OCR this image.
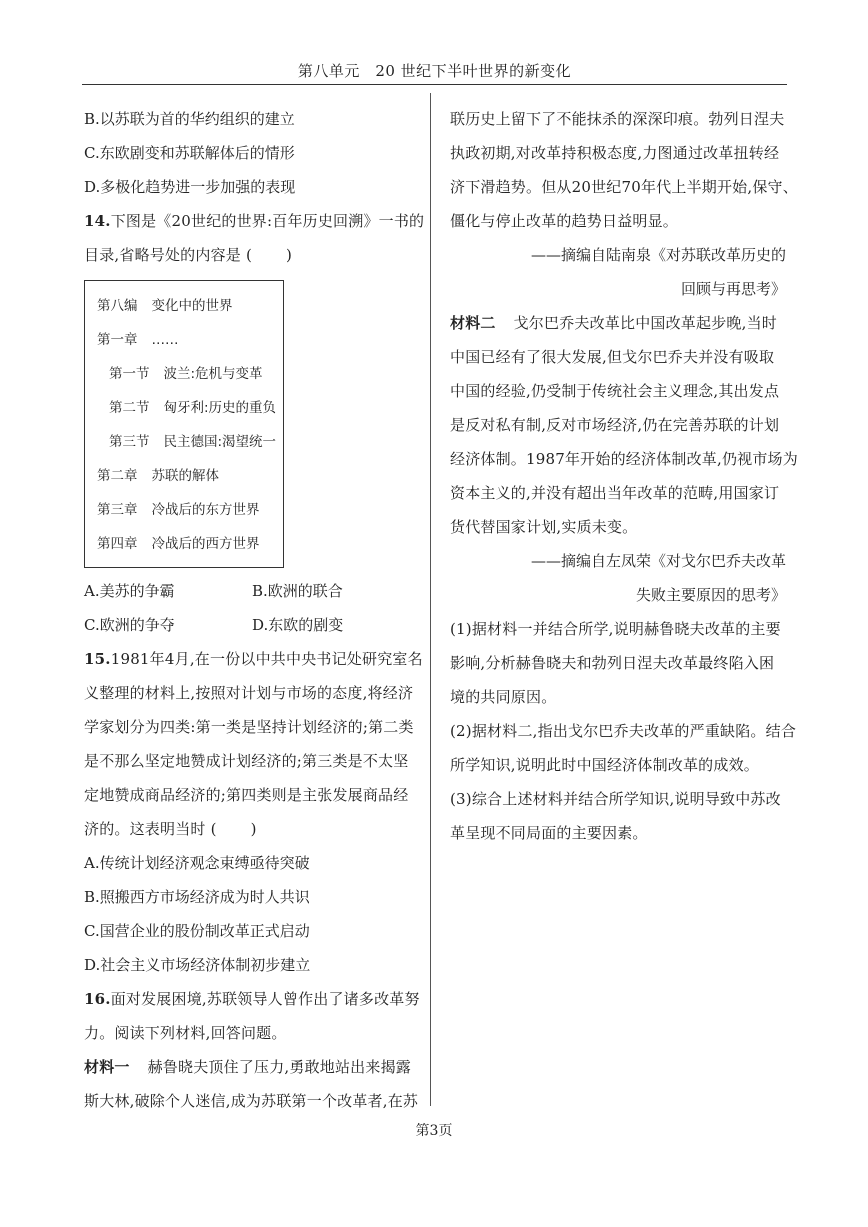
第八单元　20 世纪下半叶世界的新变化
B.以苏联为首的华约组织的建立
C.东欧剧变和苏联解体后的情形
D.多极化趋势进一步加强的表现
14.下图是《20世纪的世界:百年历史回溯》一书的
目录,省略号处的内容是 ( )
第八编 变化中的世界
第一章 ……
第一节 波兰:危机与变革
第二节 匈牙利:历史的重负
第三节 民主德国:渴望统一
第二章 苏联的解体
第三章 冷战后的东方世界
第四章 冷战后的西方世界
A.美苏的争霸	B.欧洲的联合
C.欧洲的争夺	D.东欧的剧变
15.1981年4月,在一份以中共中央书记处研究室名
义整理的材料上,按照对计划与市场的态度,将经济
学家划分为四类:第一类是坚持计划经济的;第二类
是不那么坚定地赞成计划经济的;第三类是不太坚
定地赞成商品经济的;第四类则是主张发展商品经
济的。这表明当时 ( )
A.传统计划经济观念束缚亟待突破
B.照搬西方市场经济成为时人共识
C.国营企业的股份制改革正式启动
D.社会主义市场经济体制初步建立
16.面对发展困境,苏联领导人曾作出了诸多改革努
力。阅读下列材料,回答问题。
材料一 赫鲁晓夫顶住了压力,勇敢地站出来揭露
斯大林,破除个人迷信,成为苏联第一个改革者,在苏
联历史上留下了不能抹杀的深深印痕。勃列日涅夫
执政初期,对改革持积极态度,力图通过改革扭转经
济下滑趋势。但从20世纪70年代上半期开始,保守、
僵化与停止改革的趋势日益明显。
——摘编自陆南泉《对苏联改革历史的
回顾与再思考》
材料二 戈尔巴乔夫改革比中国改革起步晚,当时
中国已经有了很大发展,但戈尔巴乔夫并没有吸取
中国的经验,仍受制于传统社会主义理念,其出发点
是反对私有制,反对市场经济,仍在完善苏联的计划
经济体制。1987年开始的经济体制改革,仍视市场为
资本主义的,并没有超出当年改革的范畴,用国家订
货代替国家计划,实质未变。
——摘编自左凤荣《对戈尔巴乔夫改革
失败主要原因的思考》
(1)据材料一并结合所学,说明赫鲁晓夫改革的主要
影响,分析赫鲁晓夫和勃列日涅夫改革最终陷入困
境的共同原因。
(2)据材料二,指出戈尔巴乔夫改革的严重缺陷。结合
所学知识,说明此时中国经济体制改革的成效。
(3)综合上述材料并结合所学知识,说明导致中苏改
革呈现不同局面的主要因素。
第3页
